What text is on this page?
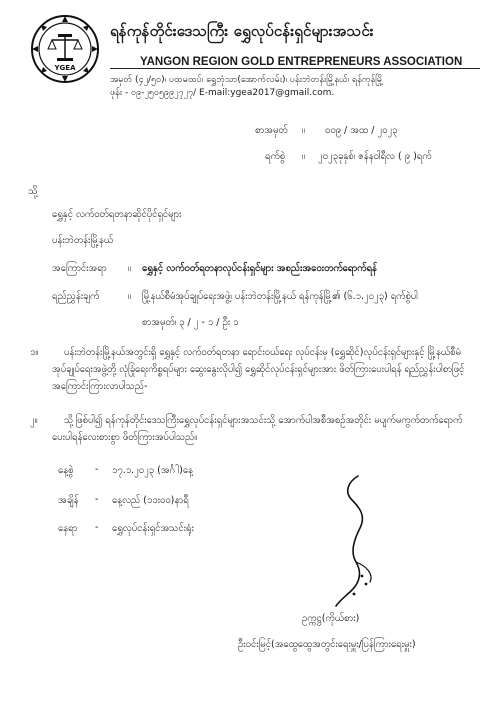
YGEA
ရန်ကုန်တိုင်းဒေသကြီး ရွှေလုပ်ငန်းရှင်များအသင်း
YANGON REGION GOLD ENTREPRENEURS ASSOCIATION
အမှတ် (၄၂/၅၀)၊ ပထမထပ်၊ ရွှေဘုံသာ(အောက်လမ်း)၊ ပန်းဘဲတန်းမြို့နယ်၊ ရန်ကုန်မြို့
ဖုန်း - ၀၉-၂၅၀၅၉၉၂၇၂၇/ E-mail:ygea2017@gmail.com.
စာအမှတ် ။ ၀၀၉ / အထ / ၂၀၂၃
ရက်စွဲ ။ ၂၀၂၃ခုနှစ်၊ ဇန်နဝါရီလ ( ၉ )ရက်
သို့
ရွှေနှင့် လက်ဝတ်ရတနာဆိုင်ပိုင်ရှင်များ
ပန်းဘဲတန်းမြို့နယ်
အကြောင်းအရာ ။ ရွှေနှင့် လက်ဝတ်ရတနာလုပ်ငန်းရှင်များ အစည်းအဝေးတက်ရောက်ရန်
ရည်ညွှန်းချက်	။ မြို့နယ်စီမံအုပ်ချုပ်ရေးအဖွဲ့၊ ပန်းဘဲတန်းမြို့နယ် ရန်ကုန်မြို့၏ (၆.၁.၂၀၂၃) ရက်စွဲပါ
စာအမှတ်၊ ၃ / ၂ - ၁ / ဦး ၁
၁။	ပန်းဘဲတန်းမြို့နယ်အတွင်းရှိ ရွှေနှင့် လက်ဝတ်ရတနာ ရောင်းဝယ်ရေး လုပ်ငန်းမှ (ရွှေဆိုင်)လုပ်ငန်းရှင်များနှင့် မြို့နယ်စီမံအုပ်ချုပ်ရေးအဖွဲ့တို့ လုံခြုံရေးကိစ္စရပ်များ ဆွေးနွေးလိုပါ၍ ရွှေဆိုင်လုပ်ငန်းရှင်များအား ဖိတ်ကြားပေးပါရန် ရည်ညွှန်းပါစာဖြင့် အကြောင်းကြားလာပါသည်-
၂။	သို့ဖြစ်ပါ၍ ရန်ကုန်တိုင်းဒေသကြီးရွှေလုပ်ငန်းရှင်များအသင်းသို့ အောက်ပါအစီအစဉ်အတိုင်း မပျက်မကွက်တက်ရောက်ပေးပါရန်လေးစားစွာ ဖိတ်ကြားအပ်ပါသည်။
နေ့စွဲ - ၁၇.၁.၂၀၂၃ (အင်္ဂါ)နေ့
အချိန် - နေ့လည် (၁၁း၀၀)နာရီ
နေရာ - ရွှေလုပ်ငန်းရှင်အသင်းရုံး
ဥက္ကဋ္ဌ(ကိုယ်စား)
ဦးဝင်းမြင့်(အထွေထွေအတွင်းရေးမှူး/ပြန်ကြားရေးမှူး)
